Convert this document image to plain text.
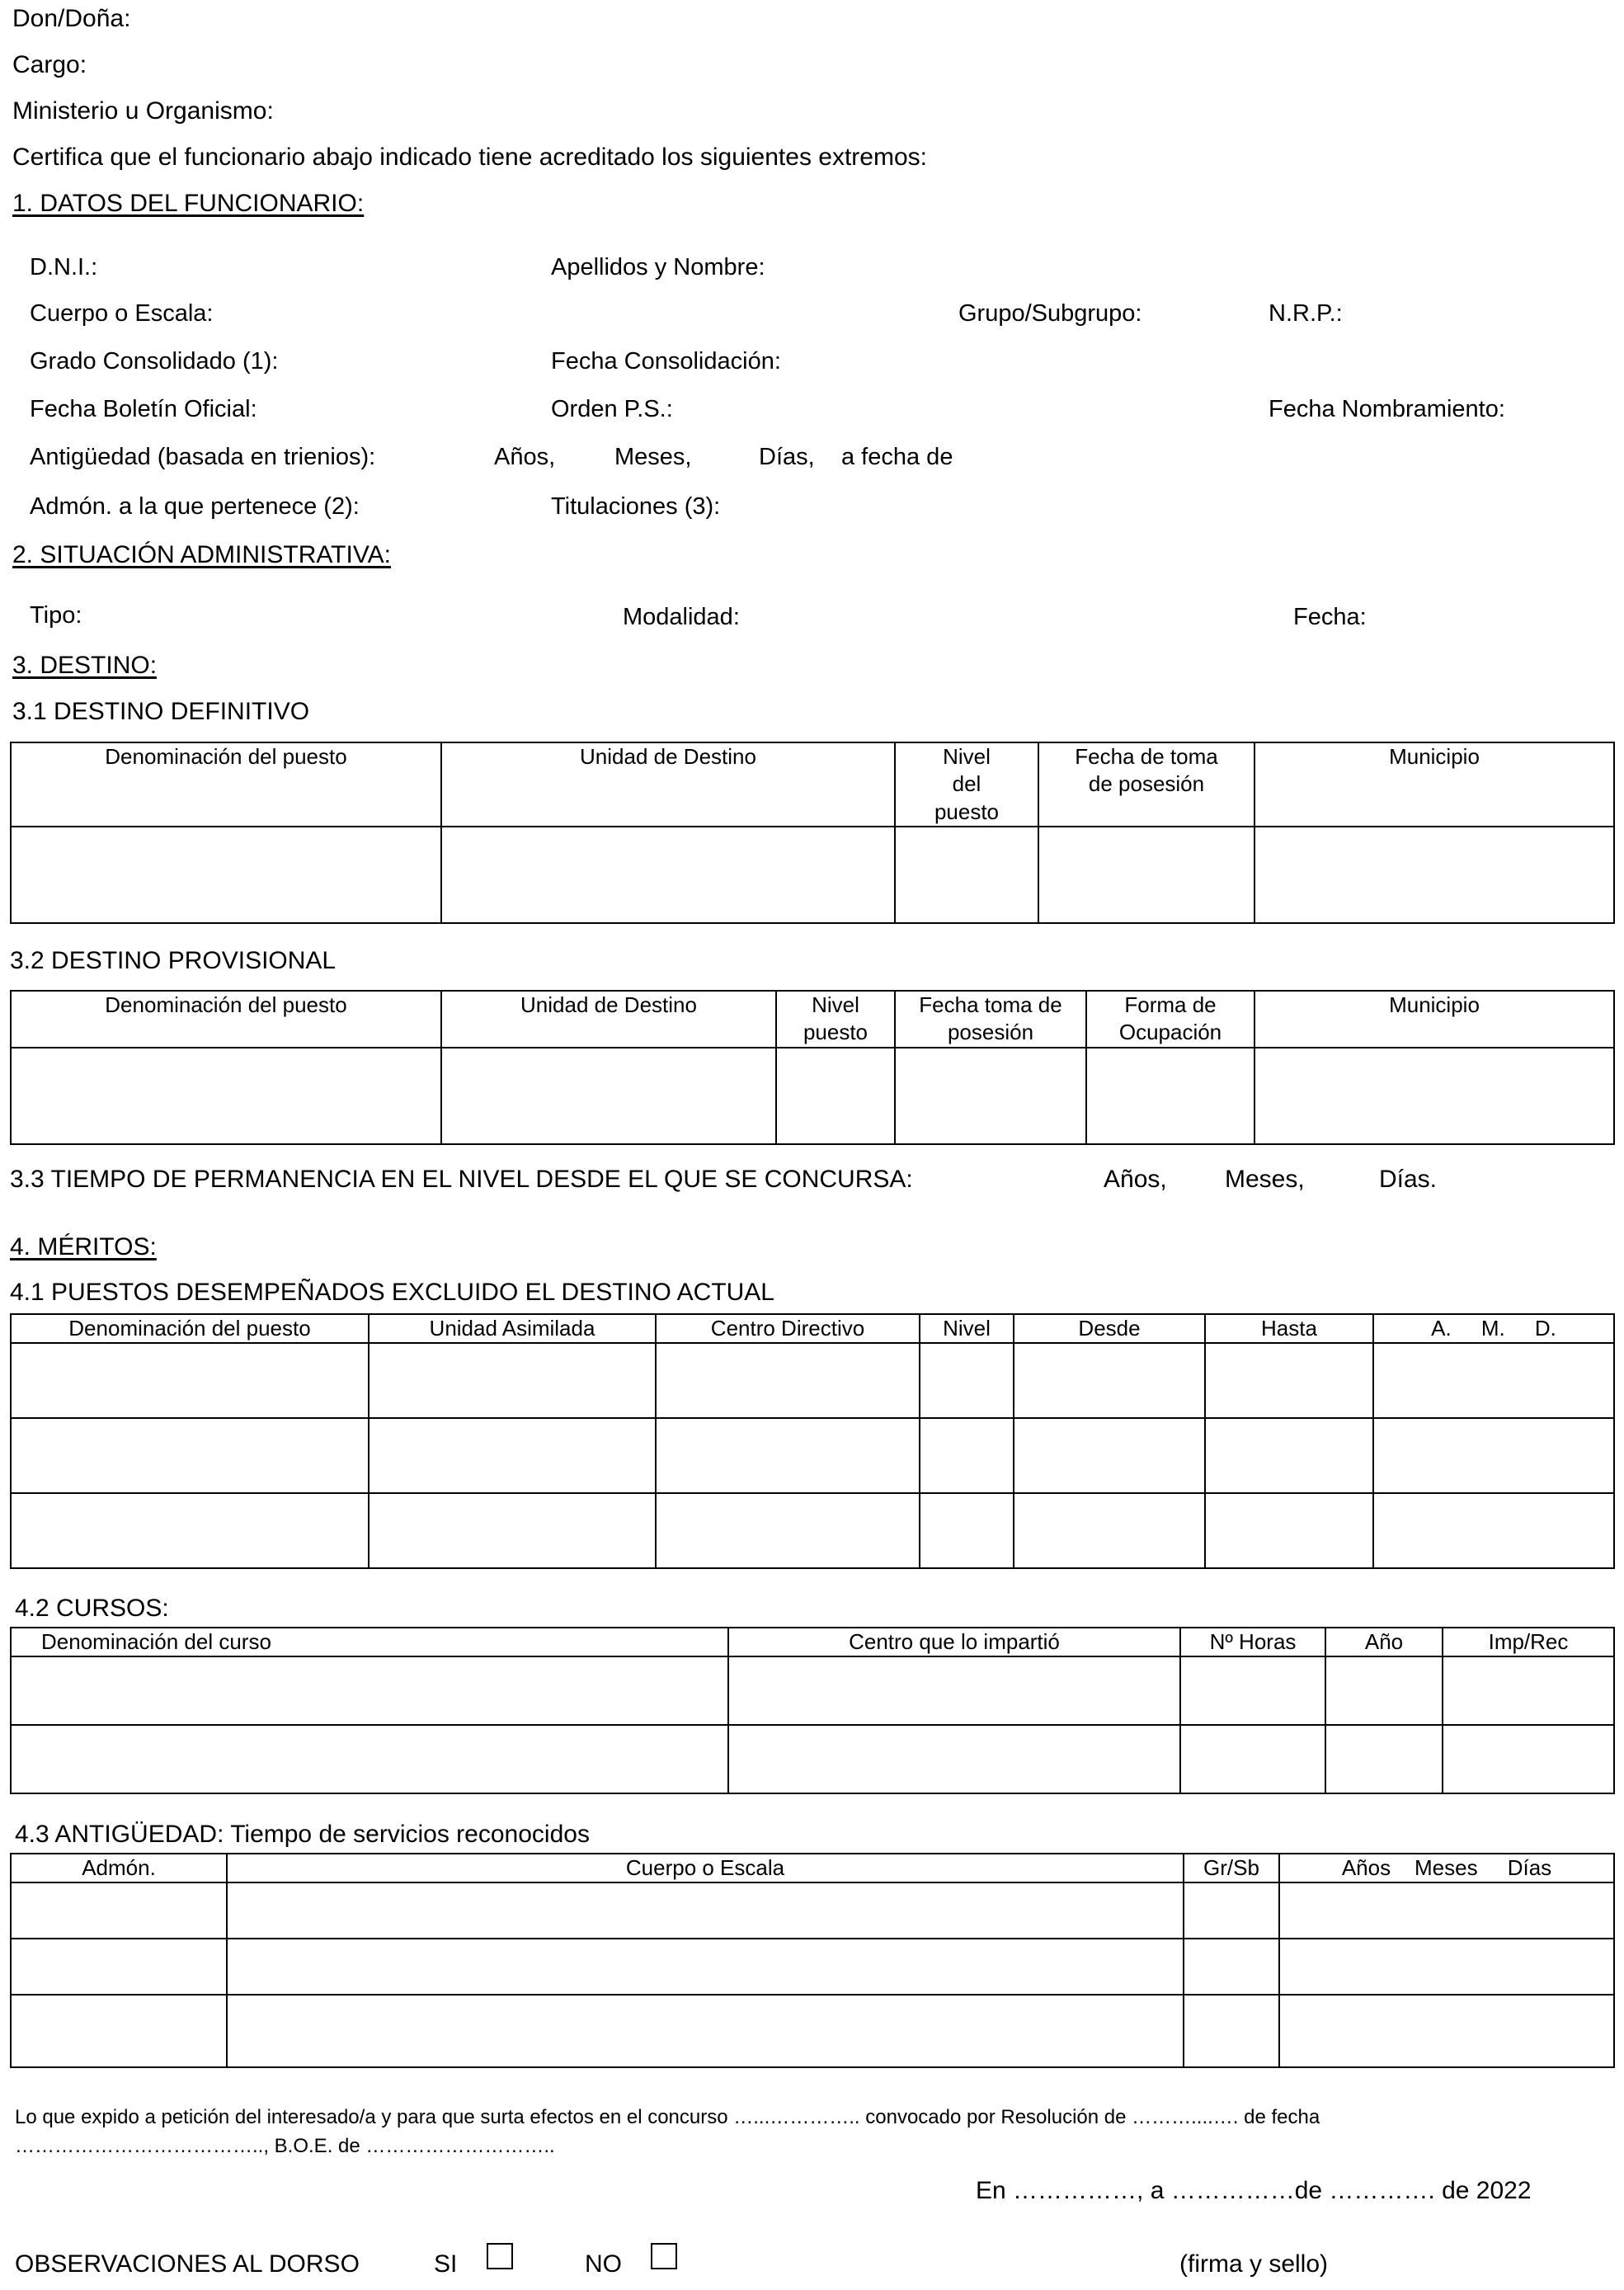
Don/Doña:
Cargo:
Ministerio u Organismo:
Certifica que el funcionario abajo indicado tiene acreditado los siguientes extremos:
1. DATOS DEL FUNCIONARIO:
D.N.I.:	Apellidos y Nombre:
Cuerpo o Escala:	Grupo/Subgrupo:	N.R.P.:
Grado Consolidado (1):	Fecha Consolidación:
Fecha Boletín Oficial:	Orden P.S.:	Fecha Nombramiento:
Antigüedad (basada en trienios):	Años, Meses,	Días, a fecha de
Admón. a la que pertenece (2):	Titulaciones (3):
2. SITUACIÓN ADMINISTRATIVA:
Tipo:	Modalidad:	Fecha:
3. DESTINO:
3.1 DESTINO DEFINITIVO
Denominación del puesto	Unidad de Destino	Nivel del puesto	Fecha de toma de posesión	Municipio

3.2 DESTINO PROVISIONAL
Denominación del puesto	Unidad de Destino	Nivel puesto	Fecha toma de posesión	Forma de Ocupación	Municipio

3.3 TIEMPO DE PERMANENCIA EN EL NIVEL DESDE EL QUE SE CONCURSA:	Años, Meses,	Días.
4. MÉRITOS:
4.1 PUESTOS DESEMPEÑADOS EXCLUIDO EL DESTINO ACTUAL
Denominación del puesto	Unidad Asimilada	Centro Directivo	Nivel	Desde	Hasta	A.     M.     D.

4.2 CURSOS:
Denominación del curso	Centro que lo impartió	Nº Horas	Año	Imp/Rec

4.3 ANTIGÜEDAD: Tiempo de servicios reconocidos
Admón.	Cuerpo o Escala	Gr/Sb	Años    Meses     Días

Lo que expido a petición del interesado/a y para que surta efectos en el concurso …...………….. convocado por Resolución de ………....…. de fecha
……………………………….., B.O.E. de ………………………..
En ……………, a ……………de …………. de 2022
OBSERVACIONES AL DORSO	SI	NO	(firma y sello)
